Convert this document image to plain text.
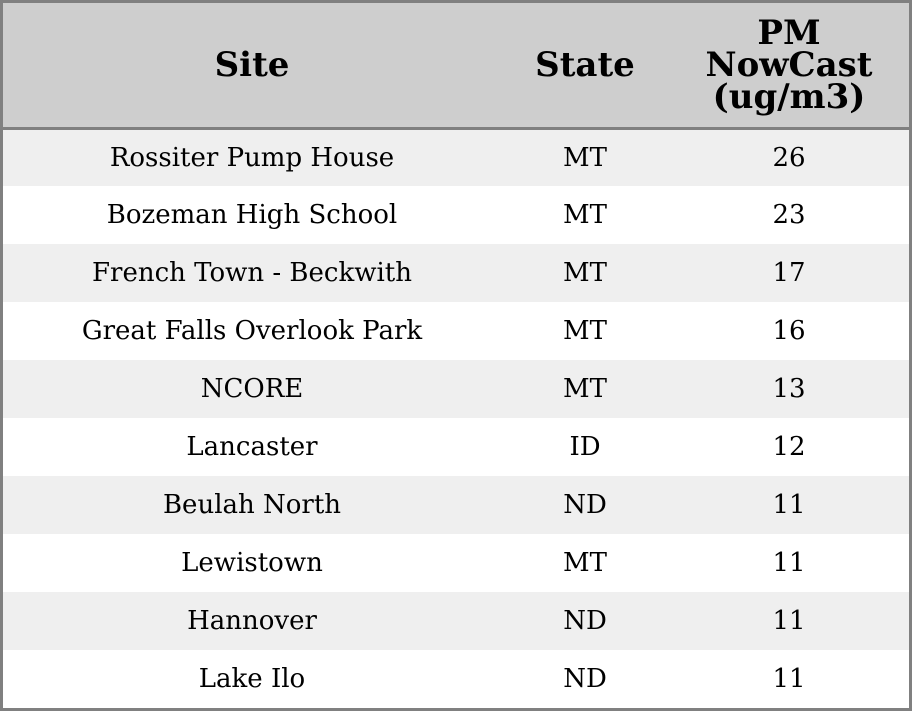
Site	State	PM
NowCast
(ug/m3)
Rossiter Pump House	MT	26
Bozeman High School	MT	23
French Town - Beckwith	MT	17
Great Falls Overlook Park	MT	16
NCORE	MT	13
Lancaster	ID	12
Beulah North	ND	11
Lewistown	MT	11
Hannover	ND	11
Lake Ilo	ND	11
